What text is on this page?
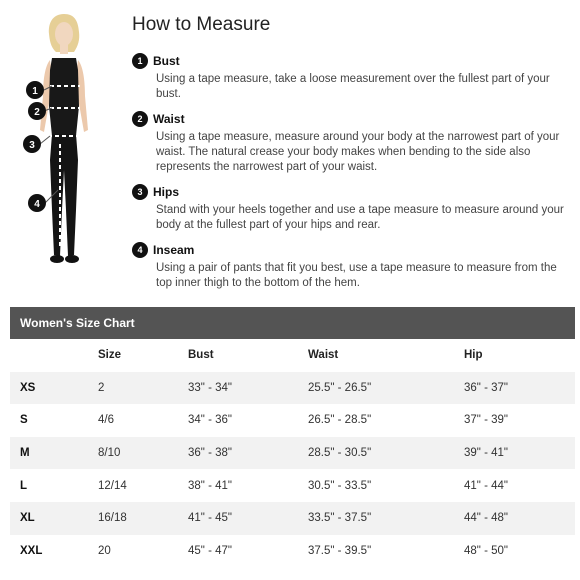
1
2
3
4
How to Measure
1 Bust
Using a tape measure, take a loose measurement over the fullest part of your bust.
2 Waist
Using a tape measure, measure around your body at the narrowest part of your waist. The natural crease your body makes when bending to the side also represents the narrowest part of your waist.
3 Hips
Stand with your heels together and use a tape measure to measure around your body at the fullest part of your hips and rear.
4 Inseam
Using a pair of pants that fit you best, use a tape measure to measure from the top inner thigh to the bottom of the hem.
Women's Size Chart
	Size	Bust	Waist	Hip
XS	2	33" - 34"	25.5" - 26.5"	36" - 37"
S	4/6	34" - 36"	26.5" - 28.5"	37" - 39"
M	8/10	36" - 38"	28.5" - 30.5"	39" - 41"
L	12/14	38" - 41"	30.5" - 33.5"	41" - 44"
XL	16/18	41" - 45"	33.5" - 37.5"	44" - 48"
XXL	20	45" - 47"	37.5" - 39.5"	48" - 50"
